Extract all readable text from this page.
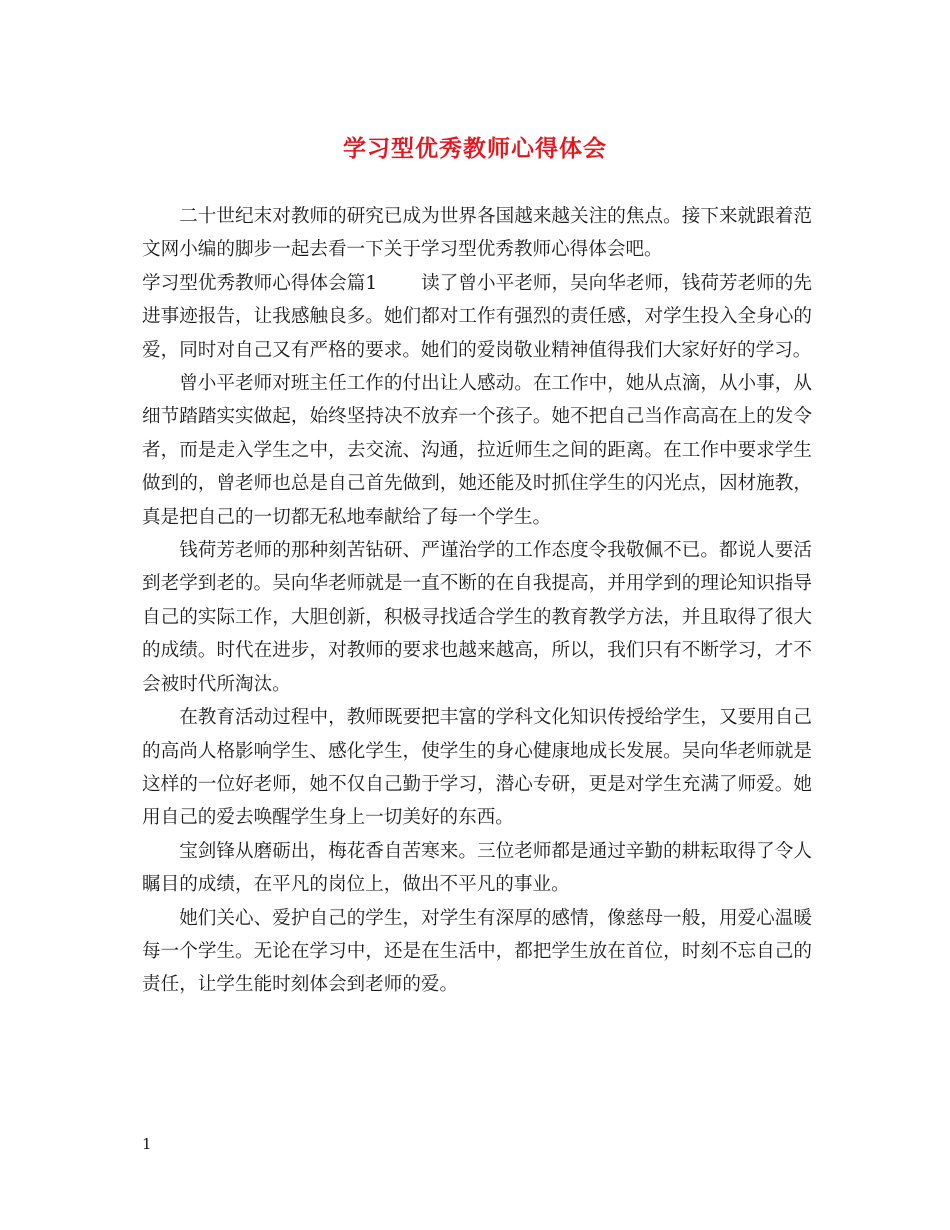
学习型优秀教师心得体会

二十世纪末对教师的研究已成为世界各国越来越关注的焦点。接下来就跟着范文网小编的脚步一起去看一下关于学习型优秀教师心得体会吧。

学习型优秀教师心得体会篇1 读了曾小平老师，吴向华老师，钱荷芳老师的先进事迹报告，让我感触良多。她们都对工作有强烈的责任感，对学生投入全身心的爱，同时对自己又有严格的要求。她们的爱岗敬业精神值得我们大家好好的学习。

曾小平老师对班主任工作的付出让人感动。在工作中，她从点滴，从小事，从细节踏踏实实做起，始终坚持决不放弃一个孩子。她不把自己当作高高在上的发令者，而是走入学生之中，去交流、沟通，拉近师生之间的距离。在工作中要求学生做到的，曾老师也总是自己首先做到，她还能及时抓住学生的闪光点，因材施教，真是把自己的一切都无私地奉献给了每一个学生。

钱荷芳老师的那种刻苦钻研、严谨治学的工作态度令我敬佩不已。都说人要活到老学到老的。吴向华老师就是一直不断的在自我提高，并用学到的理论知识指导自己的实际工作，大胆创新，积极寻找适合学生的教育教学方法，并且取得了很大的成绩。时代在进步，对教师的要求也越来越高，所以，我们只有不断学习，才不会被时代所淘汰。

在教育活动过程中，教师既要把丰富的学科文化知识传授给学生，又要用自己的高尚人格影响学生、感化学生，使学生的身心健康地成长发展。吴向华老师就是这样的一位好老师，她不仅自己勤于学习，潜心专研，更是对学生充满了师爱。她用自己的爱去唤醒学生身上一切美好的东西。

宝剑锋从磨砺出，梅花香自苦寒来。三位老师都是通过辛勤的耕耘取得了令人瞩目的成绩，在平凡的岗位上，做出不平凡的事业。

她们关心、爱护自己的学生，对学生有深厚的感情，像慈母一般，用爱心温暖每一个学生。无论在学习中，还是在生活中，都把学生放在首位，时刻不忘自己的责任，让学生能时刻体会到老师的爱。

1
